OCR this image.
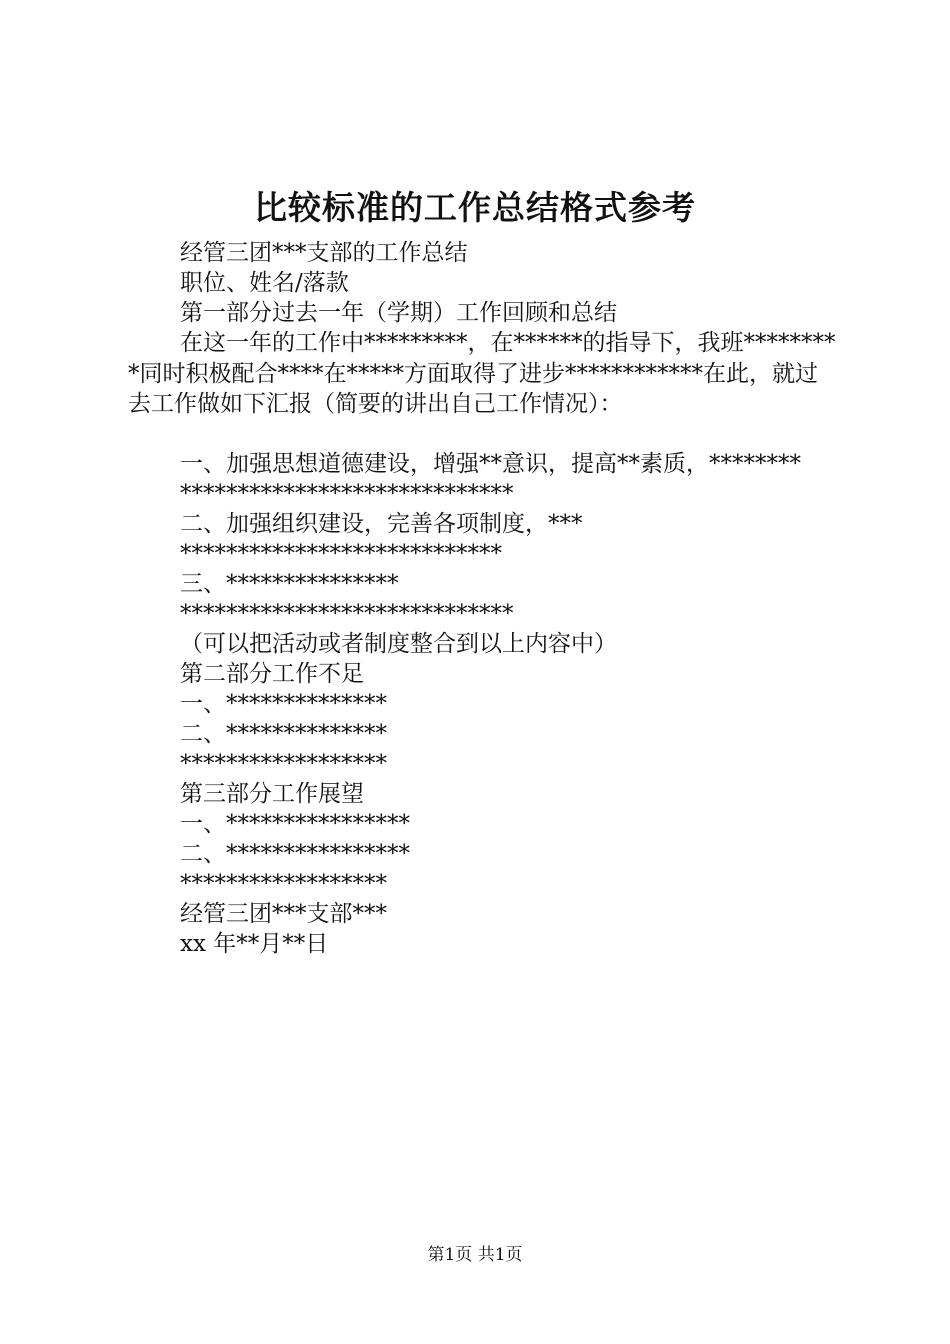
比较标准的工作总结格式参考
经管三团***支部的工作总结
职位、姓名/落款
第一部分过去一年（学期）工作回顾和总结
在这一年的工作中*********，在******的指导下，我班*********同时积极配合****在*****方面取得了进步************在此，就过去工作做如下汇报（简要的讲出自己工作情况）：
一、加强思想道德建设，增强**意识，提高**素质，********
*****************************
二、加强组织建设，完善各项制度，***
****************************
三、***************
*****************************
（可以把活动或者制度整合到以上内容中）
第二部分工作不足
一、**************
二、**************
******************
第三部分工作展望
一、****************
二、****************
******************
经管三团***支部***
xx 年**月**日
第1页 共1页
